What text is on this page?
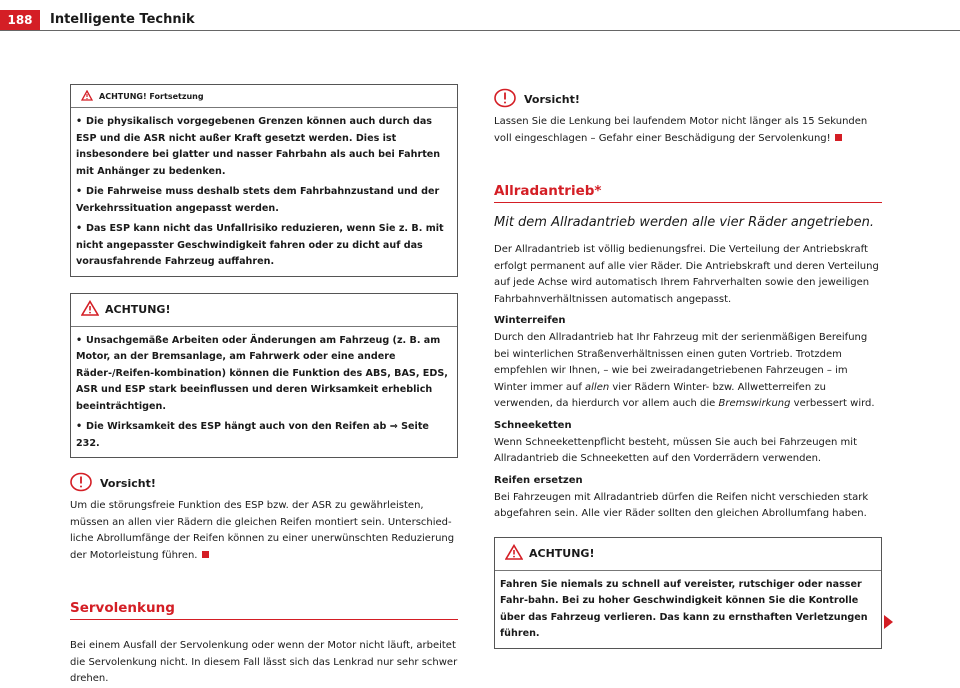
188	Intelligente Technik
ACHTUNG! Fortsetzung

• Die physikalisch vorgegebenen Grenzen können auch durch das ESP und die ASR nicht außer Kraft gesetzt werden. Dies ist insbesondere bei glatter und nasser Fahrbahn als auch bei Fahrten mit Anhänger zu bedenken.

• Die Fahrweise muss deshalb stets dem Fahrbahnzustand und der Verkehrssituation angepasst werden.

• Das ESP kann nicht das Unfallrisiko reduzieren, wenn Sie z. B. mit nicht angepasster Geschwindigkeit fahren oder zu dicht auf das vorausfahrende Fahrzeug auffahren.

ACHTUNG!

• Unsachgemäße Arbeiten oder Änderungen am Fahrzeug (z. B. am Motor, an der Bremsanlage, am Fahrwerk oder eine andere Räder-/Reifen-kombination) können die Funktion des ABS, BAS, EDS, ASR und ESP stark beeinflussen und deren Wirksamkeit erheblich beeinträchtigen.

• Die Wirksamkeit des ESP hängt auch von den Reifen ab ⇒ Seite 232.

Vorsicht!

Um die störungsfreie Funktion des ESP bzw. der ASR zu gewährleisten, müssen an allen vier Rädern die gleichen Reifen montiert sein. Unterschied-liche Abrollumfänge der Reifen können zu einer unerwünschten Reduzierung der Motorleistung führen.

Servolenkung

Bei einem Ausfall der Servolenkung oder wenn der Motor nicht läuft, arbeitet die Servolenkung nicht. In diesem Fall lässt sich das Lenkrad nur sehr schwer drehen.

Vorsicht!

Lassen Sie die Lenkung bei laufendem Motor nicht länger als 15 Sekunden voll eingeschlagen – Gefahr einer Beschädigung der Servolenkung!

Allradantrieb*
Mit dem Allradantrieb werden alle vier Räder angetrieben.

Der Allradantrieb ist völlig bedienungsfrei. Die Verteilung der Antriebskraft erfolgt permanent auf alle vier Räder. Die Antriebskraft und deren Verteilung auf jede Achse wird automatisch Ihrem Fahrverhalten sowie den jeweiligen Fahrbahnverhältnissen automatisch angepasst.

Winterreifen

Durch den Allradantrieb hat Ihr Fahrzeug mit der serienmäßigen Bereifung bei winterlichen Straßenverhältnissen einen guten Vortrieb. Trotzdem empfehlen wir Ihnen, – wie bei zweiradangetriebenen Fahrzeugen – im Winter immer auf allen vier Rädern Winter- bzw. Allwetterreifen zu verwenden, da hierdurch vor allem auch die Bremswirkung verbessert wird.

Schneeketten

Wenn Schneekettenpflicht besteht, müssen Sie auch bei Fahrzeugen mit Allradantrieb die Schneeketten auf den Vorderrädern verwenden.

Reifen ersetzen

Bei Fahrzeugen mit Allradantrieb dürfen die Reifen nicht verschieden stark abgefahren sein. Alle vier Räder sollten den gleichen Abrollumfang haben.

ACHTUNG!

Fahren Sie niemals zu schnell auf vereister, rutschiger oder nasser Fahr-bahn. Bei zu hoher Geschwindigkeit können Sie die Kontrolle über das Fahrzeug verlieren. Das kann zu ernsthaften Verletzungen führen.
